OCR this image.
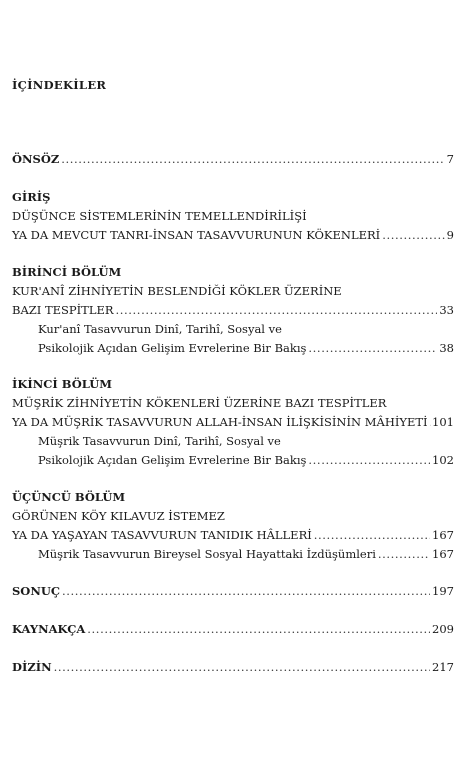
İÇİNDEKİLER
ÖNSÖZ .....	7
GİRİŞ
DÜŞÜNCE SİSTEMLERİNİN TEMELLENDİRİLİŞİ
YA DA MEVCUT TANRI-İNSAN TASAVVURUNUN KÖKENLERİ .....	9
BİRİNCİ BÖLÜM
KUR'ANÎ ZİHNİYETİN BESLENDİĞİ KÖKLER ÜZERİNE
BAZI TESPİTLER .....	33
Kur'anî Tasavvurun Dinî, Tarihî, Sosyal ve
Psikolojik Açıdan Gelişim Evrelerine Bir Bakış .....	38
İKİNCİ BÖLÜM
MÜŞRİK ZİHNİYETİN KÖKENLERİ ÜZERİNE BAZI TESPİTLER
YA DA MÜŞRİK TASAVVURUN ALLAH-İNSAN İLİŞKİSİNİN MÂHİYETİ ..... 101
Müşrik Tasavvurun Dinî, Tarihî, Sosyal ve
Psikolojik Açıdan Gelişim Evrelerine Bir Bakış .....	102
ÜÇÜNCÜ BÖLÜM
GÖRÜNEN KÖY KILAVUZ İSTEMEZ
YA DA YAŞAYAN TASAVVURUN TANIDIK HÂLLERİ .....	167
Müşrik Tasavvurun Bireysel Sosyal Hayattaki İzdüşümleri .....	167
SONUÇ .....	197
KAYNAKÇA .....	209
DİZİN .....	217
